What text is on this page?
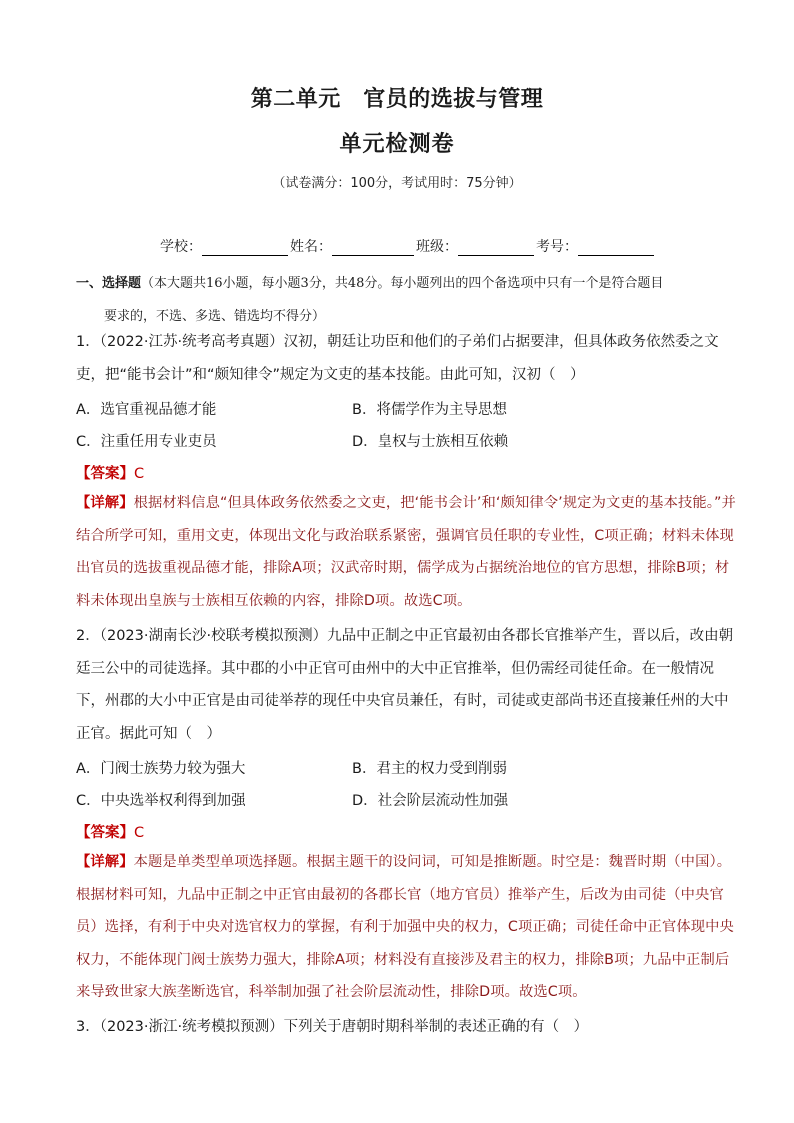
第二单元　官员的选拔与管理
单元检测卷
（试卷满分：100分，考试用时：75分钟）
学校：	姓名：	班级：	考号：
一、选择题（本大题共16小题，每小题3分，共48分。每小题列出的四个备选项中只有一个是符合题目
要求的，不选、多选、错选均不得分）
1．（2022·江苏·统考高考真题）汉初，朝廷让功臣和他们的子弟们占据要津，但具体政务依然委之文吏，把“能书会计”和“颇知律令”规定为文吏的基本技能。由此可知，汉初（　）
A．选官重视品德才能	B．将儒学作为主导思想
C．注重任用专业吏员	D．皇权与士族相互依赖
【答案】C
【详解】根据材料信息“但具体政务依然委之文吏，把‘能书会计’和‘颇知律令’规定为文吏的基本技能。”并结合所学可知，重用文吏，体现出文化与政治联系紧密，强调官员任职的专业性，C项正确；材料未体现出官员的选拔重视品德才能，排除A项；汉武帝时期，儒学成为占据统治地位的官方思想，排除B项；材料未体现出皇族与士族相互依赖的内容，排除D项。故选C项。
2．（2023·湖南长沙·校联考模拟预测）九品中正制之中正官最初由各郡长官推举产生，晋以后，改由朝廷三公中的司徒选择。其中郡的小中正官可由州中的大中正官推举，但仍需经司徒任命。在一般情况下，州郡的大小中正官是由司徒举荐的现任中央官员兼任，有时，司徒或吏部尚书还直接兼任州的大中正官。据此可知（　）
A．门阀士族势力较为强大	B．君主的权力受到削弱
C．中央选举权利得到加强	D．社会阶层流动性加强
【答案】C
【详解】本题是单类型单项选择题。根据主题干的设问词，可知是推断题。时空是：魏晋时期（中国）。根据材料可知，九品中正制之中正官由最初的各郡长官（地方官员）推举产生，后改为由司徒（中央官员）选择，有利于中央对选官权力的掌握，有利于加强中央的权力，C项正确；司徒任命中正官体现中央权力，不能体现门阀士族势力强大，排除A项；材料没有直接涉及君主的权力，排除B项；九品中正制后来导致世家大族垄断选官，科举制加强了社会阶层流动性，排除D项。故选C项。
3．（2023·浙江·统考模拟预测）下列关于唐朝时期科举制的表述正确的有（　）
